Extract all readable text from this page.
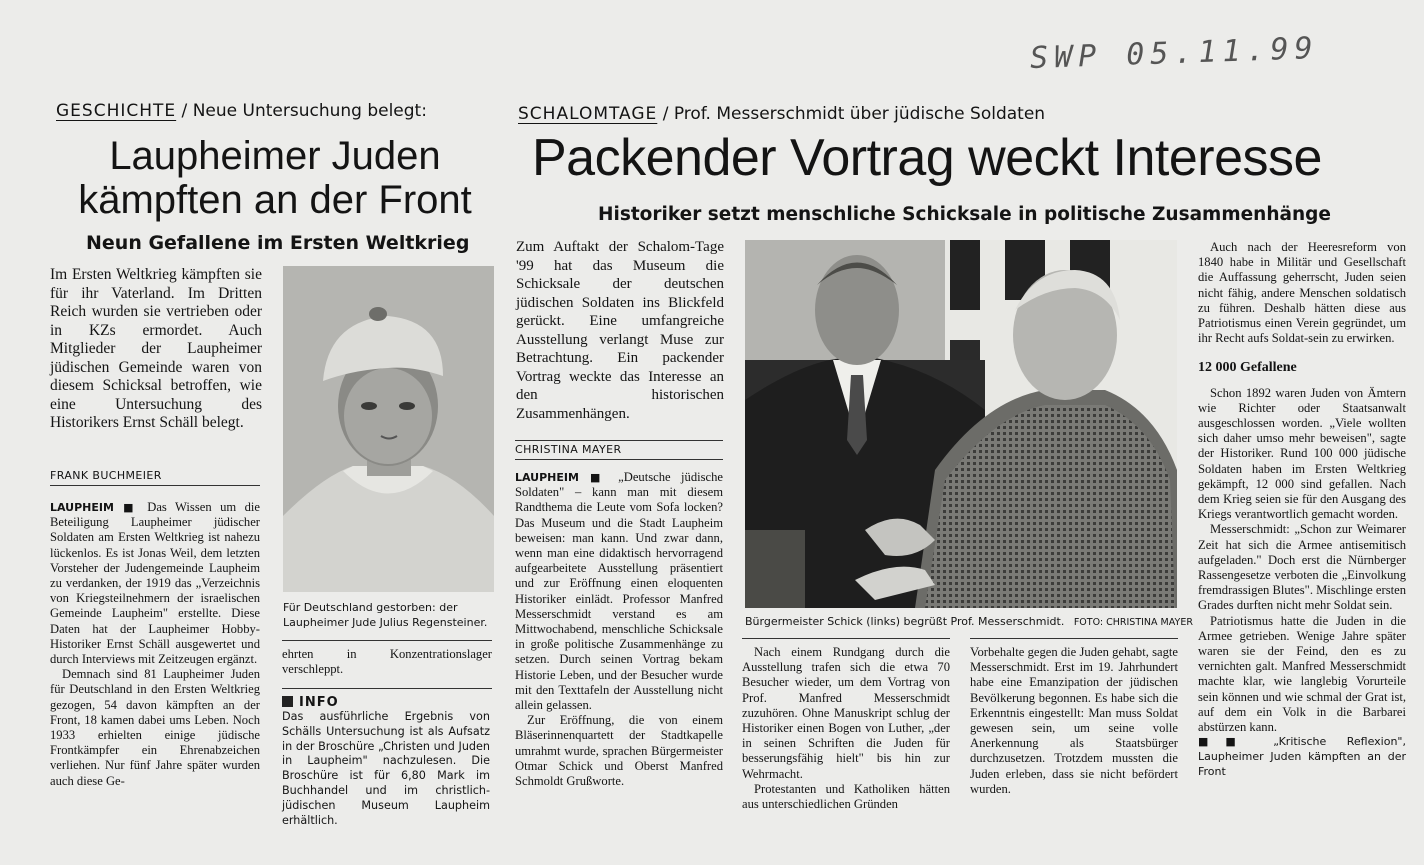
SWP 05.11.99
GESCHICHTE / Neue Untersuchung belegt:
Laupheimer Juden
kämpften an der Front
Neun Gefallene im Ersten Weltkrieg
Im Ersten Weltkrieg kämpften sie für ihr Vaterland. Im Dritten Reich wurden sie vertrieben oder in KZs ermordet. Auch Mitglieder der Laupheimer jüdischen Gemeinde waren von diesem Schicksal betroffen, wie eine Untersuchung des Historikers Ernst Schäll belegt.
FRANK BUCHMEIER
LAUPHEIM ■ Das Wissen um die Beteiligung Laupheimer jüdischer Soldaten am Ersten Weltkrieg ist nahezu lückenlos. Es ist Jonas Weil, dem letzten Vorsteher der Judengemeinde Laupheim zu verdanken, der 1919 das „Verzeichnis von Kriegsteilnehmern der israelischen Gemeinde Laupheim" erstellte. Diese Daten hat der Laupheimer Hobby-Historiker Ernst Schäll ausgewertet und durch Interviews mit Zeitzeugen ergänzt.
Demnach sind 81 Laupheimer Juden für Deutschland in den Ersten Weltkrieg gezogen, 54 davon kämpften an der Front, 18 kamen dabei ums Leben. Noch 1933 erhielten einige jüdische Frontkämpfer ein Ehrenabzeichen verliehen. Nur fünf Jahre später wurden auch diese Ge-
Für Deutschland gestorben: der Laupheimer Jude Julius Regensteiner.
ehrten in Konzentrationslager verschleppt.
INFO
Das ausführliche Ergebnis von Schälls Untersuchung ist als Aufsatz in der Broschüre „Christen und Juden in Laupheim" nachzulesen. Die Broschüre ist für 6,80 Mark im Buchhandel und im christlich-jüdischen Museum Laupheim erhältlich.
SCHALOMTAGE / Prof. Messerschmidt über jüdische Soldaten
Packender Vortrag weckt Interesse
Historiker setzt menschliche Schicksale in politische Zusammenhänge
Zum Auftakt der Schalom-Tage '99 hat das Museum die Schicksale der deutschen jüdischen Soldaten ins Blickfeld gerückt. Eine umfangreiche Ausstellung verlangt Muse zur Betrachtung. Ein packender Vortrag weckte das Interesse an den historischen Zusammenhängen.
CHRISTINA MAYER
LAUPHEIM ■ „Deutsche jüdische Soldaten" – kann man mit diesem Randthema die Leute vom Sofa locken? Das Museum und die Stadt Laupheim beweisen: man kann. Und zwar dann, wenn man eine didaktisch hervorragend aufgearbeitete Ausstellung präsentiert und zur Eröffnung einen eloquenten Historiker einlädt. Professor Manfred Messerschmidt verstand es am Mittwochabend, menschliche Schicksale in große politische Zusammenhänge zu setzen. Durch seinen Vortrag bekam Historie Leben, und der Besucher wurde mit den Texttafeln der Ausstellung nicht allein gelassen.
Zur Eröffnung, die von einem Bläserinnenquartett der Stadtkapelle umrahmt wurde, sprachen Bürgermeister Otmar Schick und Oberst Manfred Schmoldt Grußworte.
Bürgermeister Schick (links) begrüßt Prof. Messerschmidt. FOTO: CHRISTINA MAYER
Nach einem Rundgang durch die Ausstellung trafen sich die etwa 70 Besucher wieder, um dem Vortrag von Prof. Manfred Messerschmidt zuzuhören. Ohne Manuskript schlug der Historiker einen Bogen von Luther, „der in seinen Schriften die Juden für besserungsfähig hielt" bis hin zur Wehrmacht.
Protestanten und Katholiken hätten aus unterschiedlichen Gründen
Vorbehalte gegen die Juden gehabt, sagte Messerschmidt. Erst im 19. Jahrhundert habe eine Emanzipation der jüdischen Bevölkerung begonnen. Es habe sich die Erkenntnis eingestellt: Man muss Soldat gewesen sein, um seine volle Anerkennung als Staatsbürger durchzusetzen. Trotzdem mussten die Juden erleben, dass sie nicht befördert wurden.
Auch nach der Heeresreform von 1840 habe in Militär und Gesellschaft die Auffassung geherrscht, Juden seien nicht fähig, andere Menschen soldatisch zu führen. Deshalb hätten diese aus Patriotismus einen Verein gegründet, um ihr Recht aufs Soldat-sein zu erwirken.
12 000 Gefallene
Schon 1892 waren Juden von Ämtern wie Richter oder Staatsanwalt ausgeschlossen worden. „Viele wollten sich daher umso mehr beweisen", sagte der Historiker. Rund 100 000 jüdische Soldaten haben im Ersten Weltkrieg gekämpft, 12 000 sind gefallen. Nach dem Krieg seien sie für den Ausgang des Kriegs verantwortlich gemacht worden.
Messerschmidt: „Schon zur Weimarer Zeit hat sich die Armee antisemitisch aufgeladen." Doch erst die Nürnberger Rassengesetze verboten die „Einvolkung fremdrassigen Blutes". Mischlinge ersten Grades durften nicht mehr Soldat sein.
Patriotismus hatte die Juden in die Armee getrieben. Wenige Jahre später waren sie der Feind, den es zu vernichten galt. Manfred Messerschmidt machte klar, wie langlebig Vorurteile sein können und wie schmal der Grat ist, auf dem ein Volk in die Barbarei abstürzen kann.
■■ „Kritische Reflexion", Laupheimer Juden kämpften an der Front
